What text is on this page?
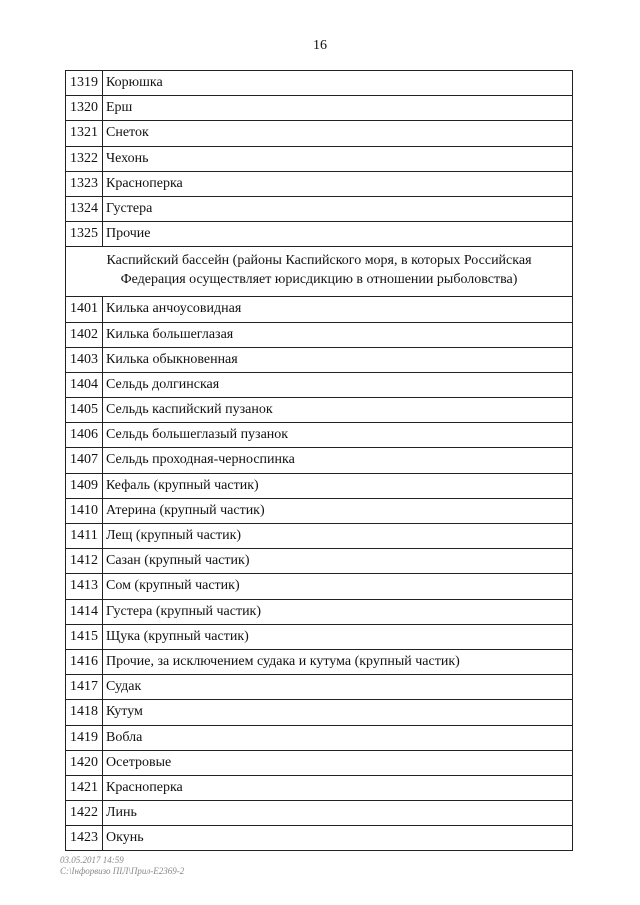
16
1319 Корюшка
1320 Ерш
1321 Снеток
1322 Чехонь
1323 Красноперка
1324 Густера
1325 Прочие
Каспийский бассейн (районы Каспийского моря, в которых Российская
Федерация осуществляет юрисдикцию в отношении рыболовства)
1401 Килька анчоусовидная
1402 Килька большеглазая
1403 Килька обыкновенная
1404 Сельдь долгинская
1405 Сельдь каспийский пузанок
1406 Сельдь большеглазый пузанок
1407 Сельдь проходная-черноспинка
1409 Кефаль (крупный частик)
1410 Атерина (крупный частик)
1411 Лещ (крупный частик)
1412 Сазан (крупный частик)
1413 Сом (крупный частик)
1414 Густера (крупный частик)
1415 Щука (крупный частик)
1416 Прочие, за исключением судака и кутума (крупный частик)
1417 Судак
1418 Кутум
1419 Вобла
1420 Осетровые
1421 Красноперка
1422 Линь
1423 Окунь
03.05.2017 14:59
С:\Інфорвизо ПІЛ\Прил-Е2369-2
